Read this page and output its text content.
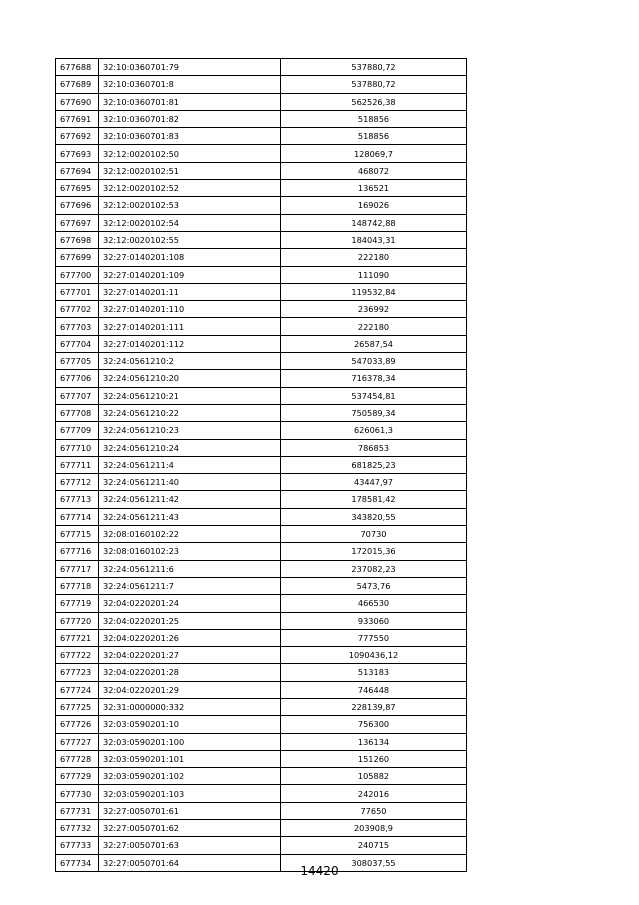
677688	32:10:0360701:79	537880,72
677689	32:10:0360701:8	537880,72
677690	32:10:0360701:81	562526,38
677691	32:10:0360701:82	518856
677692	32:10:0360701:83	518856
677693	32:12:0020102:50	128069,7
677694	32:12:0020102:51	468072
677695	32:12:0020102:52	136521
677696	32:12:0020102:53	169026
677697	32:12:0020102:54	148742,88
677698	32:12:0020102:55	184043,31
677699	32:27:0140201:108	222180
677700	32:27:0140201:109	111090
677701	32:27:0140201:11	119532,84
677702	32:27:0140201:110	236992
677703	32:27:0140201:111	222180
677704	32:27:0140201:112	26587,54
677705	32:24:0561210:2	547033,89
677706	32:24:0561210:20	716378,34
677707	32:24:0561210:21	537454,81
677708	32:24:0561210:22	750589,34
677709	32:24:0561210:23	626061,3
677710	32:24:0561210:24	786853
677711	32:24:0561211:4	681825,23
677712	32:24:0561211:40	43447,97
677713	32:24:0561211:42	178581,42
677714	32:24:0561211:43	343820,55
677715	32:08:0160102:22	70730
677716	32:08:0160102:23	172015,36
677717	32:24:0561211:6	237082,23
677718	32:24:0561211:7	5473,76
677719	32:04:0220201:24	466530
677720	32:04:0220201:25	933060
677721	32:04:0220201:26	777550
677722	32:04:0220201:27	1090436,12
677723	32:04:0220201:28	513183
677724	32:04:0220201:29	746448
677725	32:31:0000000:332	228139,87
677726	32:03:0590201:10	756300
677727	32:03:0590201:100	136134
677728	32:03:0590201:101	151260
677729	32:03:0590201:102	105882
677730	32:03:0590201:103	242016
677731	32:27:0050701:61	77650
677732	32:27:0050701:62	203908,9
677733	32:27:0050701:63	240715
677734	32:27:0050701:64	308037,55
14420
